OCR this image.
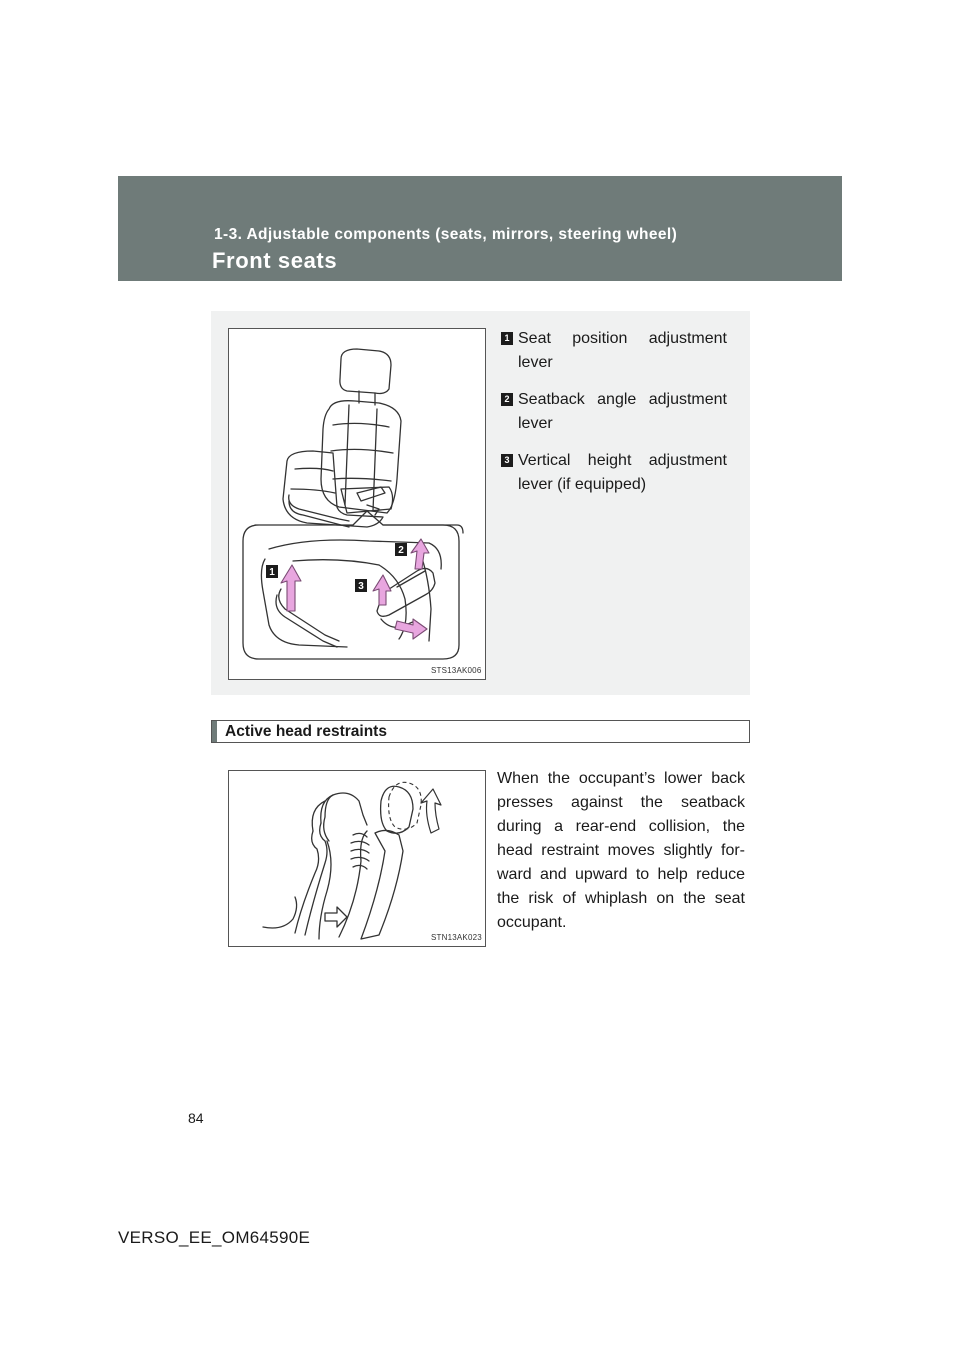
1-3. Adjustable components (seats, mirrors, steering wheel)
Front seats
1
2
3
STS13AK006
1 Seat position adjustment lever
2 Seatback angle adjustment lever
3 Vertical height adjustment lever (if equipped)
Active head restraints
STN13AK023
When the occupant’s lower back presses against the seatback during a rear-end collision, the head restraint moves slightly for-ward and upward to help reduce the risk of whiplash on the seat occupant.
84
VERSO_EE_OM64590E
